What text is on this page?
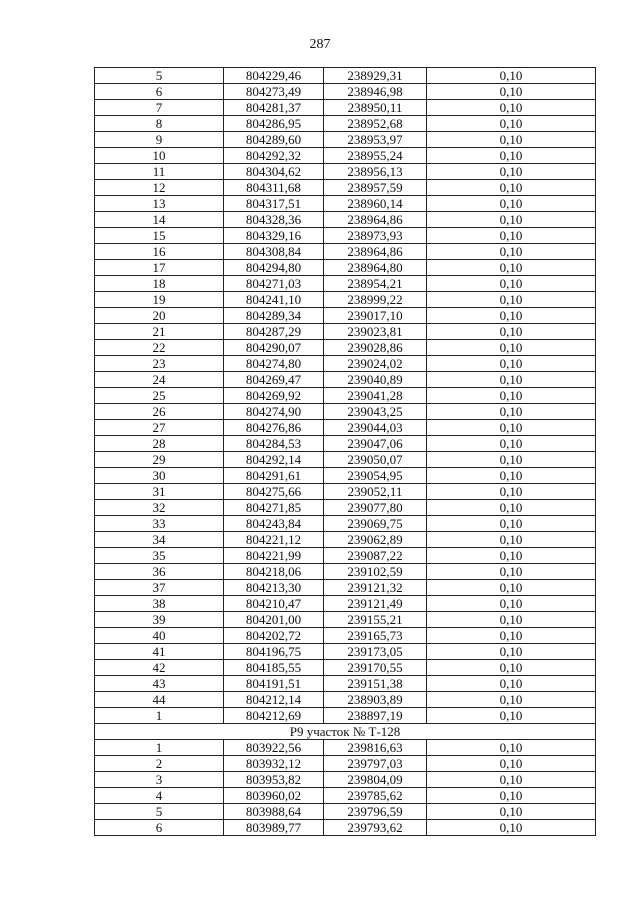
287
5	804229,46	238929,31	0,10
6	804273,49	238946,98	0,10
7	804281,37	238950,11	0,10
8	804286,95	238952,68	0,10
9	804289,60	238953,97	0,10
10	804292,32	238955,24	0,10
11	804304,62	238956,13	0,10
12	804311,68	238957,59	0,10
13	804317,51	238960,14	0,10
14	804328,36	238964,86	0,10
15	804329,16	238973,93	0,10
16	804308,84	238964,86	0,10
17	804294,80	238964,80	0,10
18	804271,03	238954,21	0,10
19	804241,10	238999,22	0,10
20	804289,34	239017,10	0,10
21	804287,29	239023,81	0,10
22	804290,07	239028,86	0,10
23	804274,80	239024,02	0,10
24	804269,47	239040,89	0,10
25	804269,92	239041,28	0,10
26	804274,90	239043,25	0,10
27	804276,86	239044,03	0,10
28	804284,53	239047,06	0,10
29	804292,14	239050,07	0,10
30	804291,61	239054,95	0,10
31	804275,66	239052,11	0,10
32	804271,85	239077,80	0,10
33	804243,84	239069,75	0,10
34	804221,12	239062,89	0,10
35	804221,99	239087,22	0,10
36	804218,06	239102,59	0,10
37	804213,30	239121,32	0,10
38	804210,47	239121,49	0,10
39	804201,00	239155,21	0,10
40	804202,72	239165,73	0,10
41	804196,75	239173,05	0,10
42	804185,55	239170,55	0,10
43	804191,51	239151,38	0,10
44	804212,14	238903,89	0,10
1	804212,69	238897,19	0,10
Р9 участок № Т-128			
1	803922,56	239816,63	0,10
2	803932,12	239797,03	0,10
3	803953,82	239804,09	0,10
4	803960,02	239785,62	0,10
5	803988,64	239796,59	0,10
6	803989,77	239793,62	0,10
